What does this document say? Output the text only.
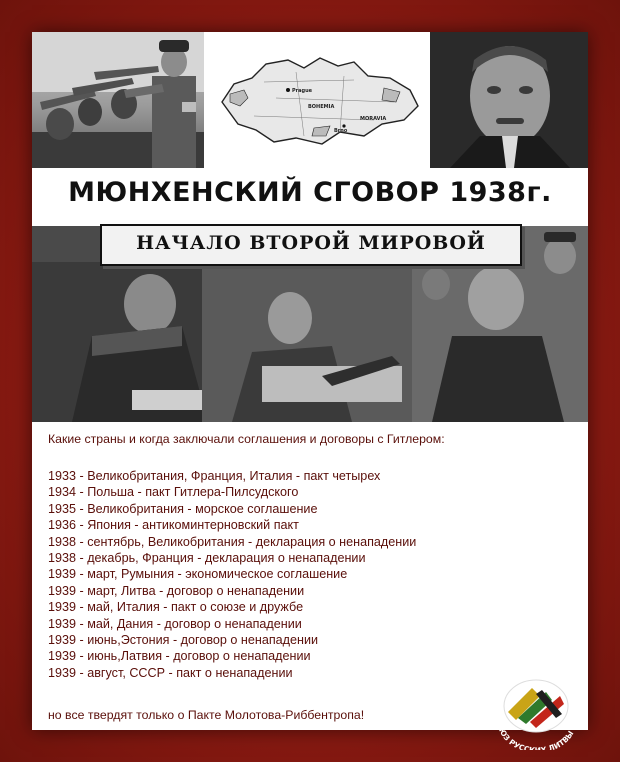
Prague
BOHEMIA
MORAVIA
Brno
МЮНХЕНСКИЙ СГОВОР 1938г.
НАЧАЛО ВТОРОЙ МИРОВОЙ
Какие страны и когда заключали соглашения и договоры с Гитлером:
1933 - Великобритания, Франция, Италия - пакт четырех
1934 - Польша - пакт Гитлера-Пилсудского
1935 - Великобритания - морское соглашение
1936 - Япония - антикоминтерновский пакт
1938 - сентябрь, Великобритания - декларация о ненападении
1938 - декабрь, Франция - декларация о ненападении
1939 - март, Румыния - экономическое соглашение
1939 - март, Литва - договор о ненападении
1939 - май, Италия - пакт о союзе и дружбе
1939 - май, Дания - договор о ненападении
1939 - июнь,Эстония - договор о ненападении
1939 - июнь,Латвия - договор о ненападении
1939 - август, СССР - пакт о ненападении
но все твердят только о Пакте Молотова-Риббентропа!
©ЮЗ РУСС Х ЛИТВЫ
